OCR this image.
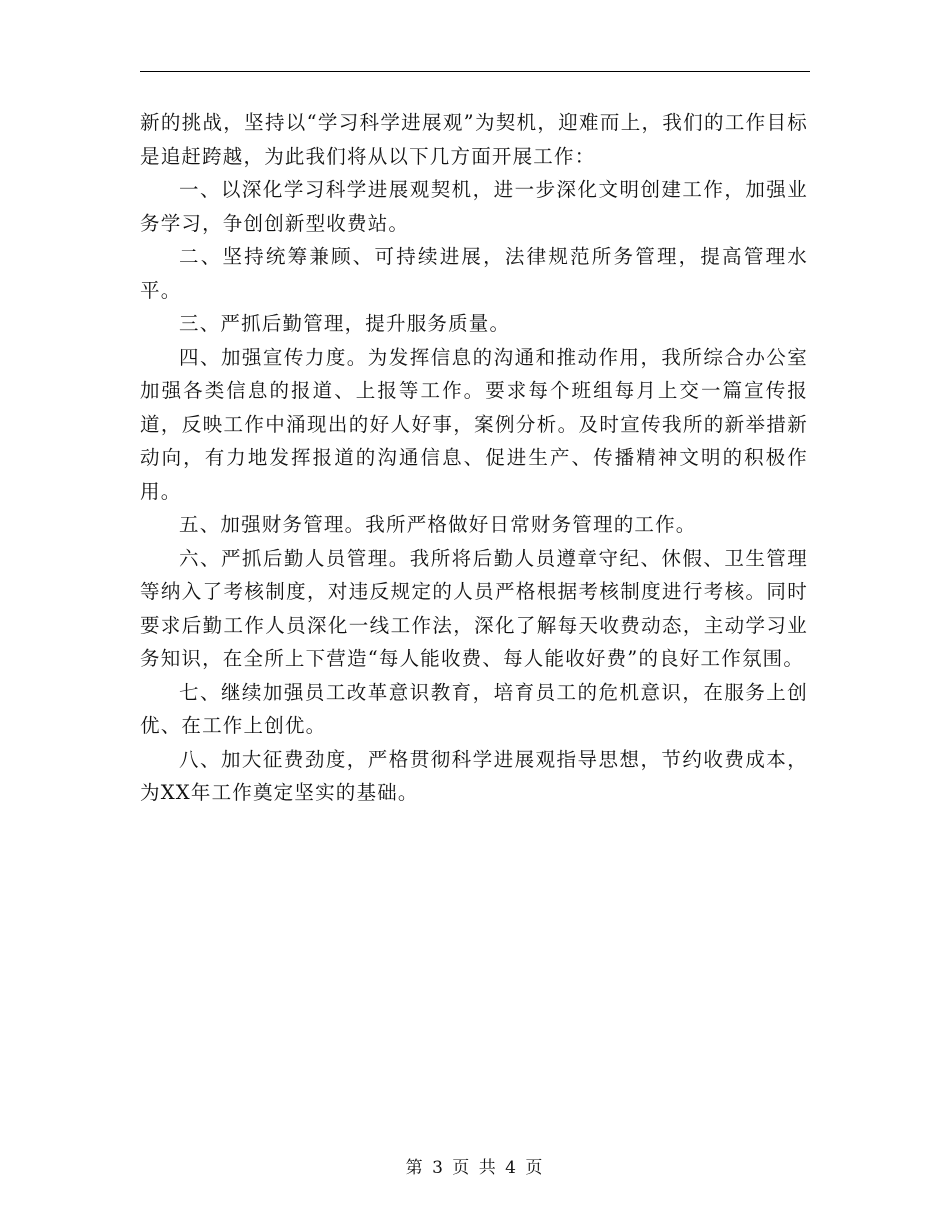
新的挑战，坚持以“学习科学进展观”为契机，迎难而上，我们的工作目标是追赶跨越，为此我们将从以下几方面开展工作：

一、以深化学习科学进展观契机，进一步深化文明创建工作，加强业务学习，争创创新型收费站。

二、坚持统筹兼顾、可持续进展，法律规范所务管理，提高管理水平。

三、严抓后勤管理，提升服务质量。

四、加强宣传力度。为发挥信息的沟通和推动作用，我所综合办公室加强各类信息的报道、上报等工作。要求每个班组每月上交一篇宣传报道，反映工作中涌现出的好人好事，案例分析。及时宣传我所的新举措新动向，有力地发挥报道的沟通信息、促进生产、传播精神文明的积极作用。

五、加强财务管理。我所严格做好日常财务管理的工作。

六、严抓后勤人员管理。我所将后勤人员遵章守纪、休假、卫生管理等纳入了考核制度，对违反规定的人员严格根据考核制度进行考核。同时要求后勤工作人员深化一线工作法，深化了解每天收费动态，主动学习业务知识，在全所上下营造“每人能收费、每人能收好费”的良好工作氛围。

七、继续加强员工改革意识教育，培育员工的危机意识，在服务上创优、在工作上创优。

八、加大征费劲度，严格贯彻科学进展观指导思想，节约收费成本，为XX年工作奠定坚实的基础。

第 3 页 共 4 页
